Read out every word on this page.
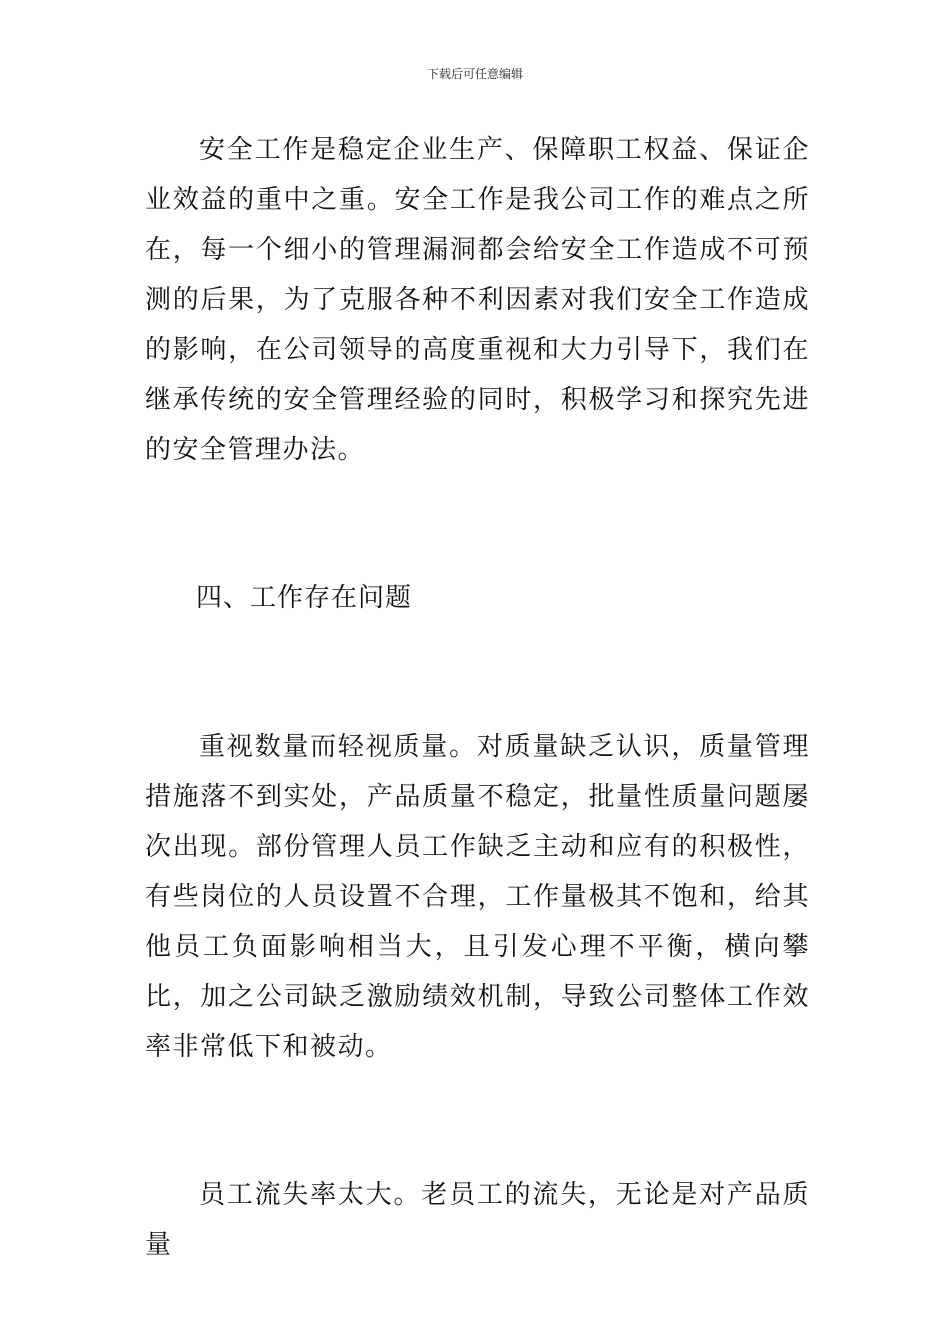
下载后可任意编辑

安全工作是稳定企业生产、保障职工权益、保证企业效益的重中之重。安全工作是我公司工作的难点之所在，每一个细小的管理漏洞都会给安全工作造成不可预测的后果，为了克服各种不利因素对我们安全工作造成的影响，在公司领导的高度重视和大力引导下，我们在继承传统的安全管理经验的同时，积极学习和探究先进的安全管理办法。

四、工作存在问题

重视数量而轻视质量。对质量缺乏认识，质量管理措施落不到实处，产品质量不稳定，批量性质量问题屡次出现。部份管理人员工作缺乏主动和应有的积极性，有些岗位的人员设置不合理，工作量极其不饱和，给其他员工负面影响相当大，且引发心理不平衡，横向攀比，加之公司缺乏激励绩效机制，导致公司整体工作效率非常低下和被动。

员工流失率太大。老员工的流失，无论是对产品质量
